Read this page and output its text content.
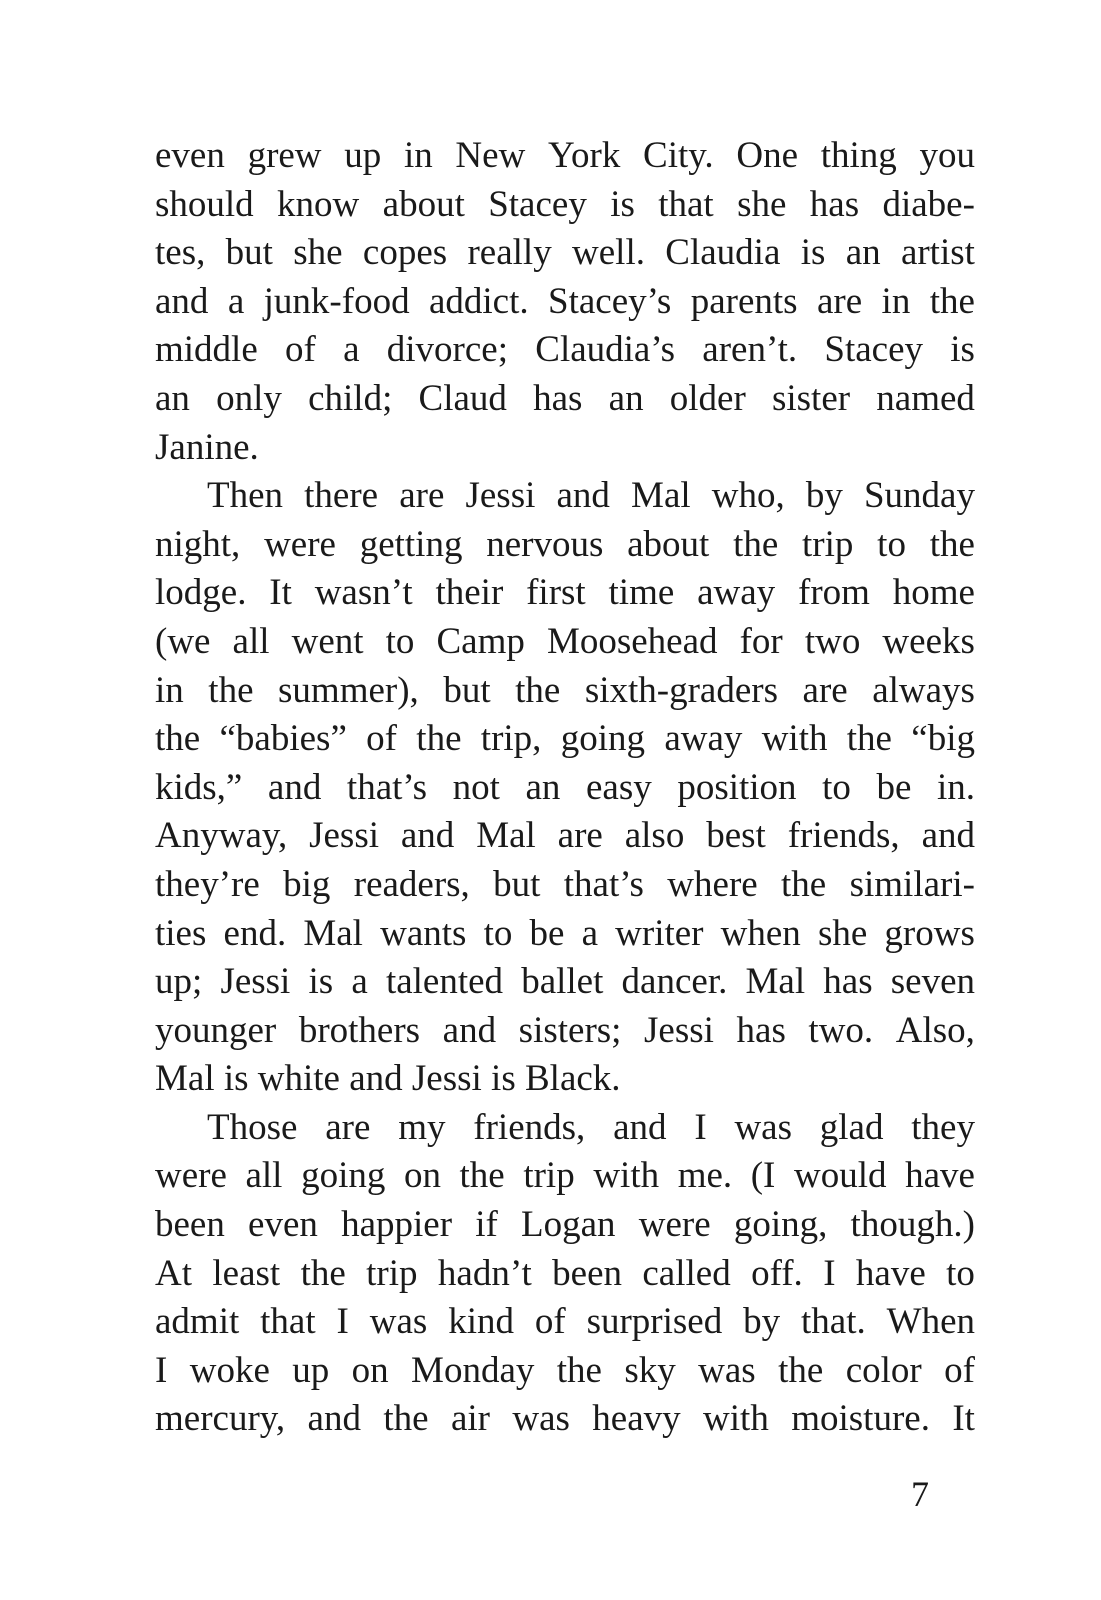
even grew up in New York City. One thing you
should know about Stacey is that she has diabe-
tes, but she copes really well. Claudia is an artist
and a junk-food addict. Stacey’s parents are in the
middle of a divorce; Claudia’s aren’t. Stacey is
an only child; Claud has an older sister named
Janine.
Then there are Jessi and Mal who, by Sunday
night, were getting nervous about the trip to the
lodge. It wasn’t their first time away from home
(we all went to Camp Moosehead for two weeks
in the summer), but the sixth-graders are always
the “babies” of the trip, going away with the “big
kids,” and that’s not an easy position to be in.
Anyway, Jessi and Mal are also best friends, and
they’re big readers, but that’s where the similari-
ties end. Mal wants to be a writer when she grows
up; Jessi is a talented ballet dancer. Mal has seven
younger brothers and sisters; Jessi has two. Also,
Mal is white and Jessi is Black.
Those are my friends, and I was glad they
were all going on the trip with me. (I would have
been even happier if Logan were going, though.)
At least the trip hadn’t been called off. I have to
admit that I was kind of surprised by that. When
I woke up on Monday the sky was the color of
mercury, and the air was heavy with moisture. It
7
